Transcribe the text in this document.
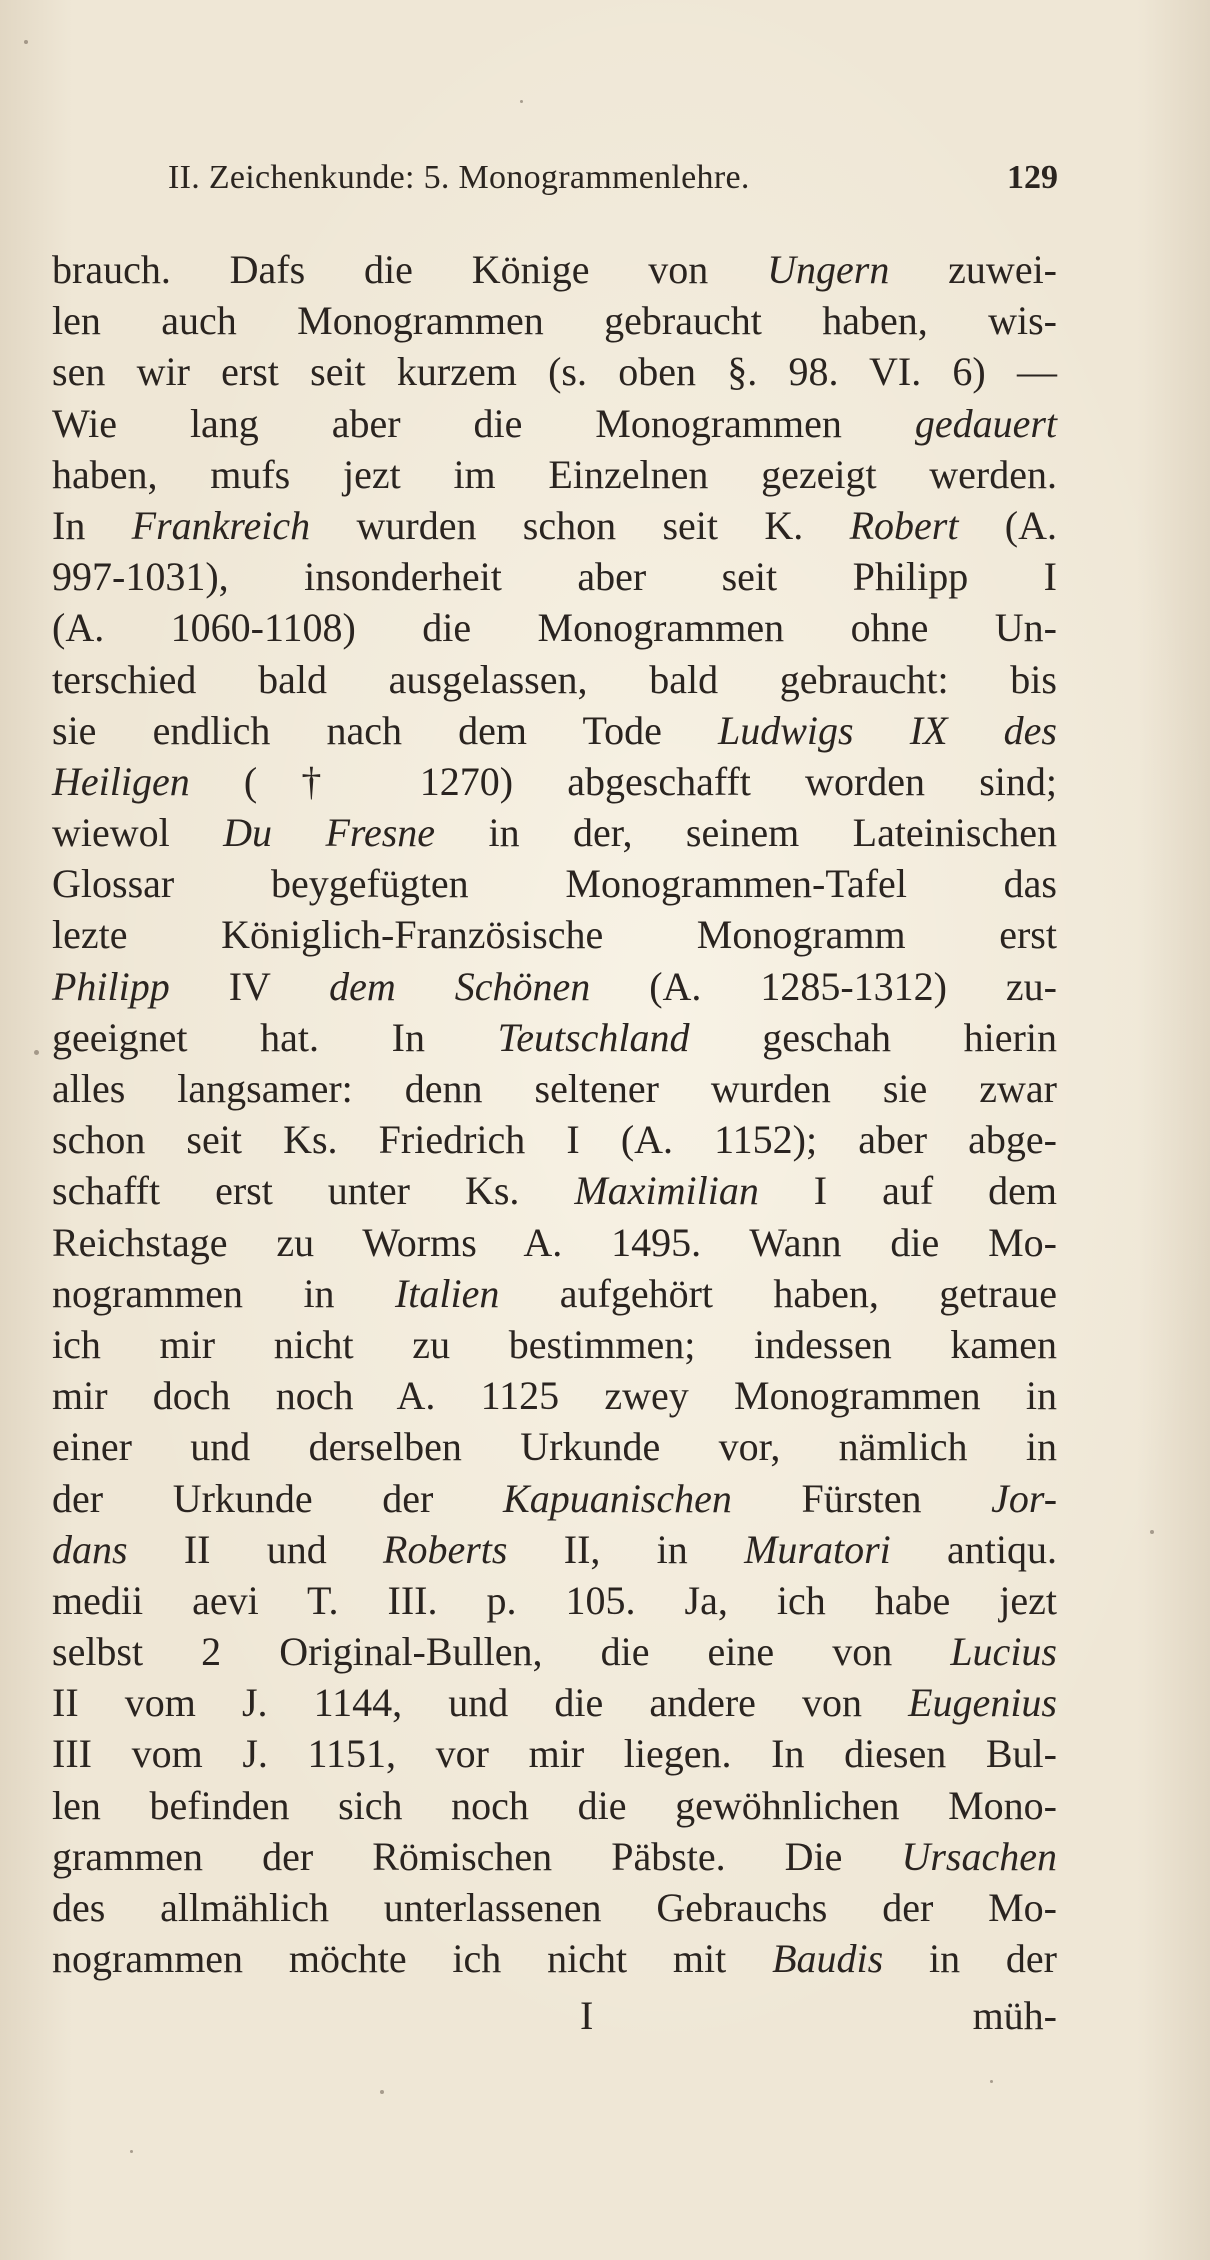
II. Zeichenkunde: 5. Monogrammenlehre.	129
brauch. Dafs die Könige von Ungern zuwei-
len auch Monogrammen gebraucht haben, wis-
sen wir erst seit kurzem (s. oben §. 98. VI. 6) —
Wie lang aber die Monogrammen gedauert
haben, mufs jezt im Einzelnen gezeigt werden.
In Frankreich wurden schon seit K. Robert (A.
997-1031), insonderheit aber seit Philipp I
(A. 1060-1108) die Monogrammen ohne Un-
terschied bald ausgelassen, bald gebraucht: bis
sie endlich nach dem Tode Ludwigs IX des
Heiligen († 1270) abgeschafft worden sind;
wiewol Du Fresne in der, seinem Lateinischen
Glossar beygefügten Monogrammen-Tafel das
lezte Königlich-Französische Monogramm erst
Philipp IV dem Schönen (A. 1285-1312) zu-
geeignet hat. In Teutschland geschah hierin
alles langsamer: denn seltener wurden sie zwar
schon seit Ks. Friedrich I (A. 1152); aber abge-
schafft erst unter Ks. Maximilian I auf dem
Reichstage zu Worms A. 1495. Wann die Mo-
nogrammen in Italien aufgehört haben, getraue
ich mir nicht zu bestimmen; indessen kamen
mir doch noch A. 1125 zwey Monogrammen in
einer und derselben Urkunde vor, nämlich in
der Urkunde der Kapuanischen Fürsten Jor-
dans II und Roberts II, in Muratori antiqu.
medii aevi T. III. p. 105. Ja, ich habe jezt
selbst 2 Original-Bullen, die eine von Lucius
II vom J. 1144, und die andere von Eugenius
III vom J. 1151, vor mir liegen. In diesen Bul-
len befinden sich noch die gewöhnlichen Mono-
grammen der Römischen Päbste. Die Ursachen
des allmählich unterlassenen Gebrauchs der Mo-
nogrammen möchte ich nicht mit Baudis in der
I	müh-
